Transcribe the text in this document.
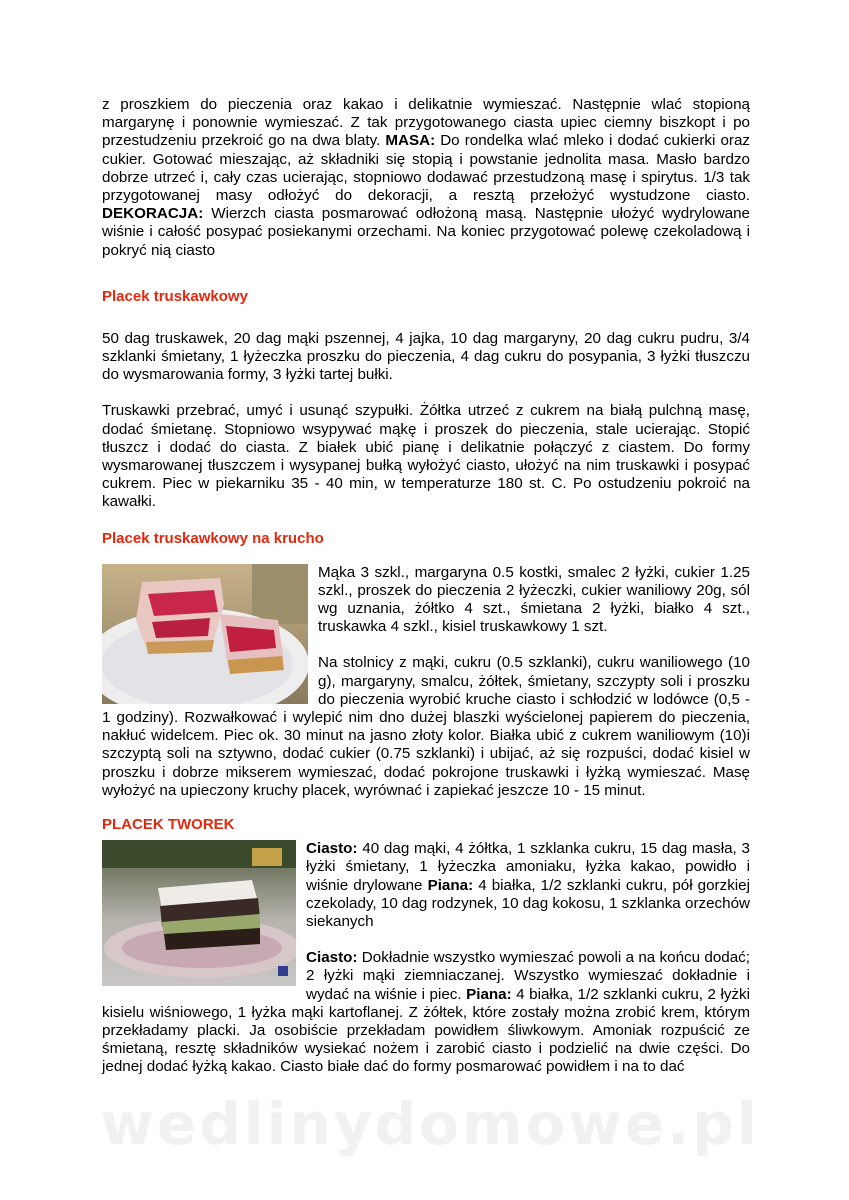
z proszkiem do pieczenia oraz kakao i delikatnie wymieszać. Następnie wlać stopioną margarynę i ponownie wymieszać. Z tak przygotowanego ciasta upiec ciemny biszkopt i po przestudzeniu przekroić go na dwa blaty. MASA: Do rondelka wlać mleko i dodać cukierki oraz cukier. Gotować mieszając, aż składniki się stopią i powstanie jednolita masa. Masło bardzo dobrze utrzeć i, cały czas ucierając, stopniowo dodawać przestudzoną masę i spirytus. 1/3 tak przygotowanej masy odłożyć do dekoracji, a resztą przełożyć wystudzone ciasto. DEKORACJA: Wierzch ciasta posmarować odłożoną masą. Następnie ułożyć wydrylowane wiśnie i całość posypać posiekanymi orzechami. Na koniec przygotować polewę czekoladową i pokryć nią ciasto

Placek truskawkowy

50 dag truskawek, 20 dag mąki pszennej, 4 jajka, 10 dag margaryny, 20 dag cukru pudru, 3/4 szklanki śmietany, 1 łyżeczka proszku do pieczenia, 4 dag cukru do posypania, 3 łyżki tłuszczu do wysmarowania formy, 3 łyżki tartej bułki.

Truskawki przebrać, umyć i usunąć szypułki. Żółtka utrzeć z cukrem na białą pulchną masę, dodać śmietanę. Stopniowo wsypywać mąkę i proszek do pieczenia, stale ucierając. Stopić tłuszcz i dodać do ciasta. Z białek ubić pianę i delikatnie połączyć z ciastem. Do formy wysmarowanej tłuszczem i wysypanej bułką wyłożyć ciasto, ułożyć na nim truskawki i posypać cukrem. Piec w piekarniku 35 - 40 min, w temperaturze 180 st. C. Po ostudzeniu pokroić na kawałki.

Placek truskawkowy na krucho

Mąka 3 szkl., margaryna 0.5 kostki, smalec 2 łyżki, cukier 1.25 szkl., proszek do pieczenia 2 łyżeczki, cukier waniliowy 20g, sól wg uznania, żółtko 4 szt., śmietana 2 łyżki, białko 4 szt., truskawka 4 szkl., kisiel truskawkowy 1 szt.

Na stolnicy z mąki, cukru (0.5 szklanki), cukru waniliowego (10 g), margaryny, smalcu, żółtek, śmietany, szczypty soli i proszku do pieczenia wyrobić kruche ciasto i schłodzić w lodówce (0,5 - 1 godziny). Rozwałkować i wylepić nim dno dużej blaszki wyścielonej papierem do pieczenia, nakłuć widelcem. Piec ok. 30 minut na jasno złoty kolor. Białka ubić z cukrem waniliowym (10)i szczyptą soli na sztywno, dodać cukier (0.75 szklanki) i ubijać, aż się rozpuści, dodać kisiel w proszku i dobrze mikserem wymieszać, dodać pokrojone truskawki i łyżką wymieszać. Masę wyłożyć na upieczony kruchy placek, wyrównać i zapiekać jeszcze 10 - 15 minut.

PLACEK TWOREK

Ciasto: 40 dag mąki, 4 żółtka, 1 szklanka cukru, 15 dag masła, 3 łyżki śmietany, 1 łyżeczka amoniaku, łyżka kakao, powidło i wiśnie drylowane Piana: 4 białka, 1/2 szklanki cukru, pół gorzkiej czekolady, 10 dag rodzynek, 10 dag kokosu, 1 szklanka orzechów siekanych

Ciasto: Dokładnie wszystko wymieszać powoli a na końcu dodać; 2 łyżki mąki ziemniaczanej. Wszystko wymieszać dokładnie i wydać na wiśnie i piec. Piana: 4 białka, 1/2 szklanki cukru, 2 łyżki kisielu wiśniowego, 1 łyżka mąki kartoflanej. Z żółtek, które zostały można zrobić krem, którym przekładamy placki. Ja osobiście przekładam powidłem śliwkowym. Amoniak rozpuścić ze śmietaną, resztę składników wysiekać nożem i zarobić ciasto i podzielić na dwie części. Do jednej dodać łyżką kakao. Ciasto białe dać do formy posmarować powidłem i na to dać

wedlinydomowe.pl
